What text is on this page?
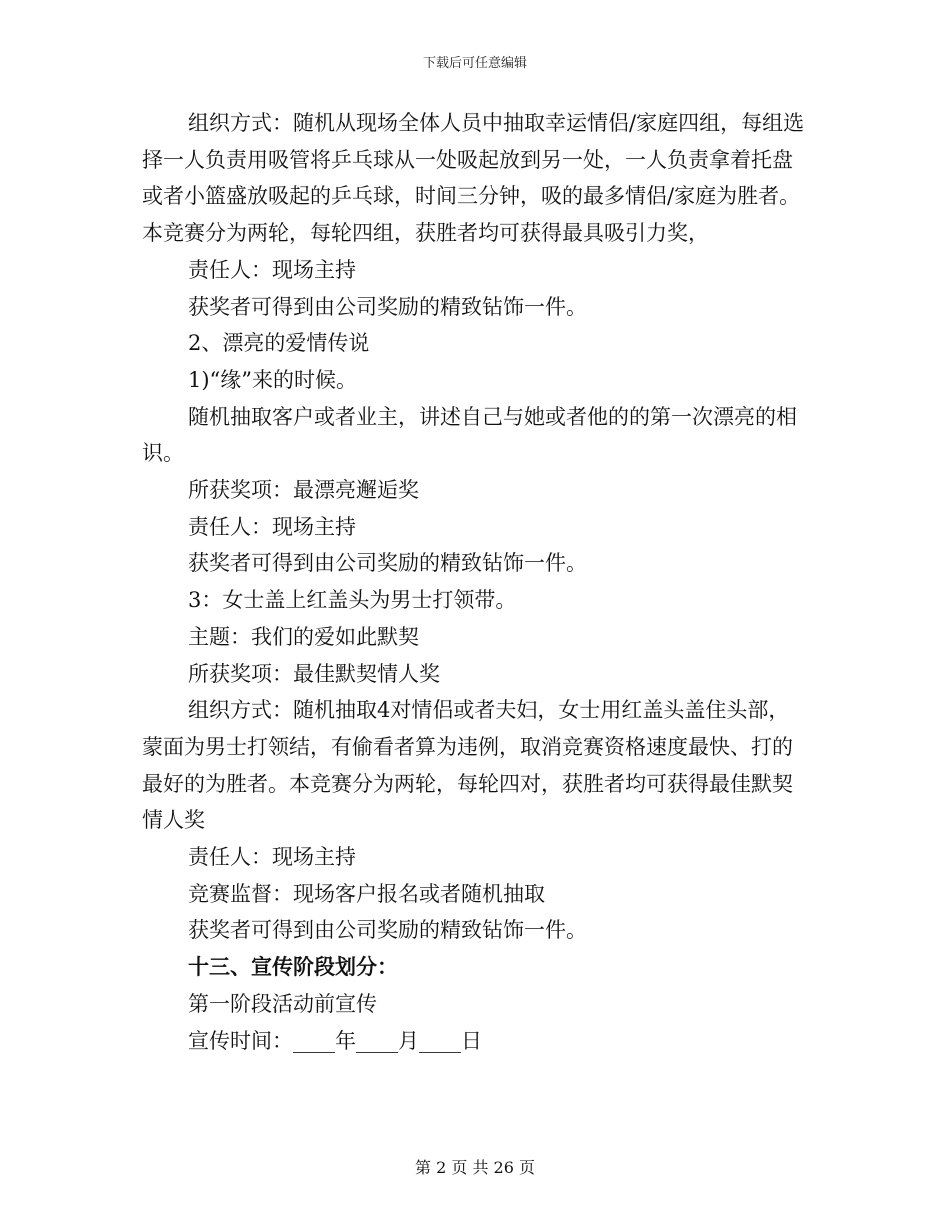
下载后可任意编辑

组织方式：随机从现场全体人员中抽取幸运情侣/家庭四组，每组选择一人负责用吸管将乒乓球从一处吸起放到另一处，一人负责拿着托盘或者小篮盛放吸起的乒乓球，时间三分钟，吸的最多情侣/家庭为胜者。本竞赛分为两轮，每轮四组，获胜者均可获得最具吸引力奖，

责任人：现场主持

获奖者可得到由公司奖励的精致钻饰一件。

2、漂亮的爱情传说

1)“缘”来的时候。

随机抽取客户或者业主，讲述自己与她或者他的的第一次漂亮的相识。

所获奖项：最漂亮邂逅奖

责任人：现场主持

获奖者可得到由公司奖励的精致钻饰一件。

3：女士盖上红盖头为男士打领带。

主题：我们的爱如此默契

所获奖项：最佳默契情人奖

组织方式：随机抽取4对情侣或者夫妇，女士用红盖头盖住头部，蒙面为男士打领结，有偷看者算为违例，取消竞赛资格速度最快、打的最好的为胜者。本竞赛分为两轮，每轮四对，获胜者均可获得最佳默契情人奖

责任人：现场主持

竞赛监督：现场客户报名或者随机抽取

获奖者可得到由公司奖励的精致钻饰一件。

十三、宣传阶段划分：

第一阶段活动前宣传

宣传时间：____年____月____日

第 2 页 共 26 页
